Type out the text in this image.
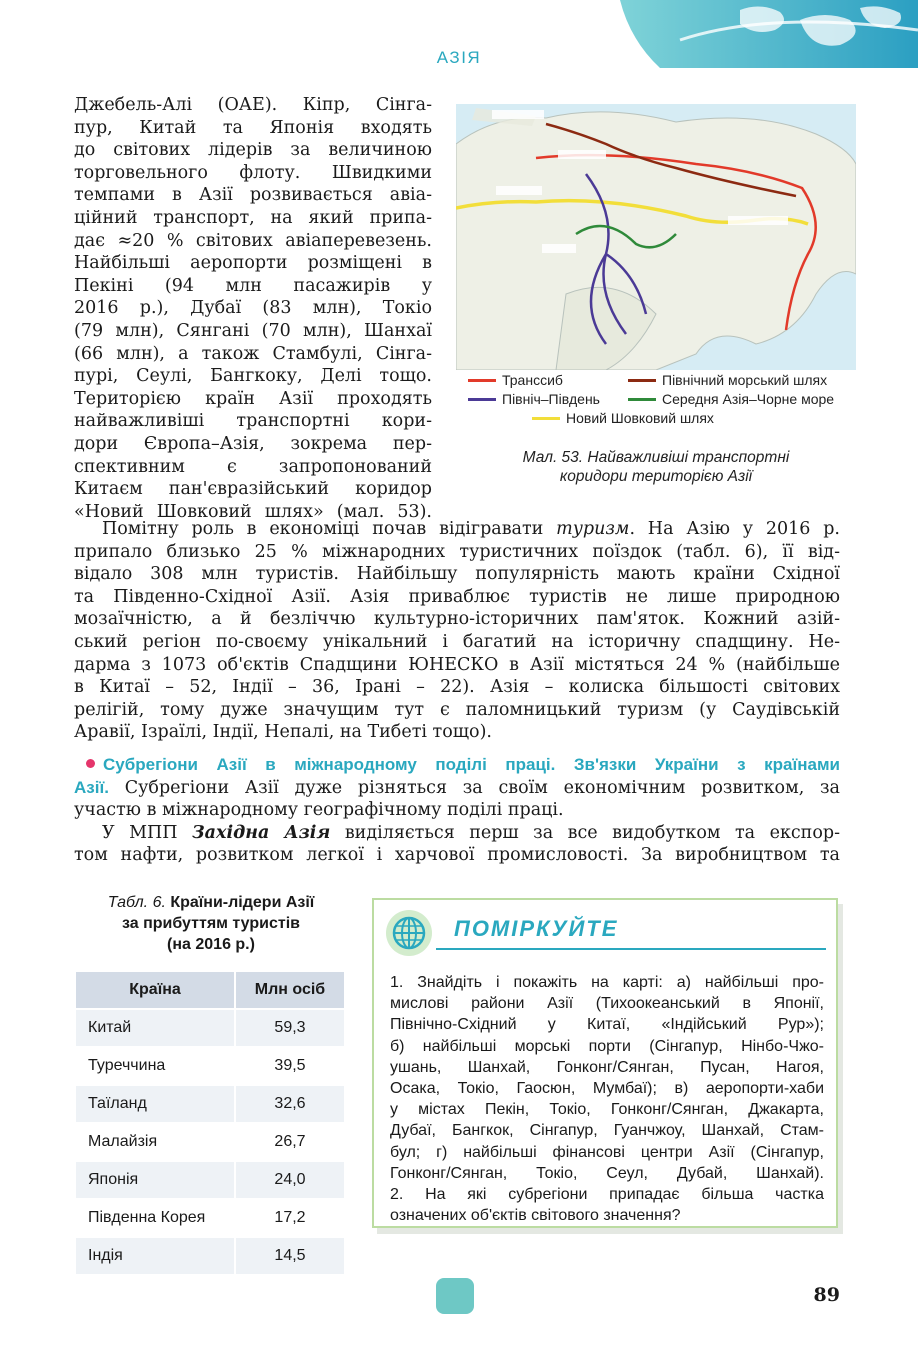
АЗІЯ
Джебель-Алі (ОАЕ). Кіпр, Сінга-
пур, Китай та Японія входять
до світових лідерів за величиною
торговельного флоту. Швидкими
темпами в Азії розвивається авіа-
ційний транспорт, на який припа-
дає ≈20 % світових авіаперевезень.
Найбільші аеропорти розміщені в
Пекіні (94 млн пасажирів у
2016 р.), Дубаї (83 млн), Токіо
(79 млн), Сянгані (70 млн), Шанхаї
(66 млн), а також Стамбулі, Сінга-
пурі, Сеулі, Бангкоку, Делі тощо.
Територією країн Азії проходять
найважливіші транспортні кори-
дори Європа–Азія, зокрема пер-
спективним є запропонований
Китаєм пан'євразійський коридор
«Новий Шовковий шлях» (мал. 53).
Транссиб	Північний морський шлях
Північ–Південь	Середня Азія–Чорне море
Новий Шовковий шлях
Мал. 53. Найважливіші транспортні
коридори територією Азії
Помітну роль в економіці почав відігравати туризм. На Азію у 2016 р.
припало близько 25 % міжнародних туристичних поїздок (табл. 6), її від-
відало 308 млн туристів. Найбільшу популярність мають країни Східної
та Південно-Східної Азії. Азія приваблює туристів не лише природною
мозаїчністю, а й безліччю культурно-історичних пам'яток. Кожний азій-
ський регіон по-своєму унікальний і багатий на історичну спадщину. Не-
дарма з 1073 об'єктів Спадщини ЮНЕСКО в Азії містяться 24 % (найбільше
в Китаї – 52, Індії – 36, Ірані – 22). Азія – колиска більшості світових
релігій, тому дуже значущим тут є паломницький туризм (у Саудівській
Аравії, Ізраїлі, Індії, Непалі, на Тибеті тощо).
Субрегіони Азії в міжнародному поділі праці. Зв'язки України з країнами
Азії. Субрегіони Азії дуже різняться за своїм економічним розвитком, за
участю в міжнародному географічному поділі праці.
У МПП Західна Азія виділяється перш за все видобутком та експор-
том нафти, розвитком легкої і харчової промисловості. За виробництвом та
Табл. 6. Країни-лідери Азії
за прибуттям туристів
(на 2016 р.)
Країна	Млн осіб
Китай	59,3
Туреччина	39,5
Таїланд	32,6
Малайзія	26,7
Японія	24,0
Південна Корея	17,2
Індія	14,5
ПОМІРКУЙТЕ
1. Знайдіть і покажіть на карті: а) найбільші про-
мислові райони Азії (Тихоокеанський в Японії,
Північно-Східний у Китаї, «Індійський Рур»);
б) найбільші морські порти (Сінгапур, Нінбо-Чжо-
ушань, Шанхай, Гонконг/Сянган, Пусан, Нагоя,
Осака, Токіо, Гаосюн, Мумбаї); в) аеропорти-хаби
у містах Пекін, Токіо, Гонконг/Сянган, Джакарта,
Дубаї, Бангкок, Сінгапур, Гуанчжоу, Шанхай, Стам-
бул; г) найбільші фінансові центри Азії (Сінгапур,
Гонконг/Сянган, Токіо, Сеул, Дубай, Шанхай).
2. На які субрегіони припадає більша частка
означених об'єктів світового значення?
89
